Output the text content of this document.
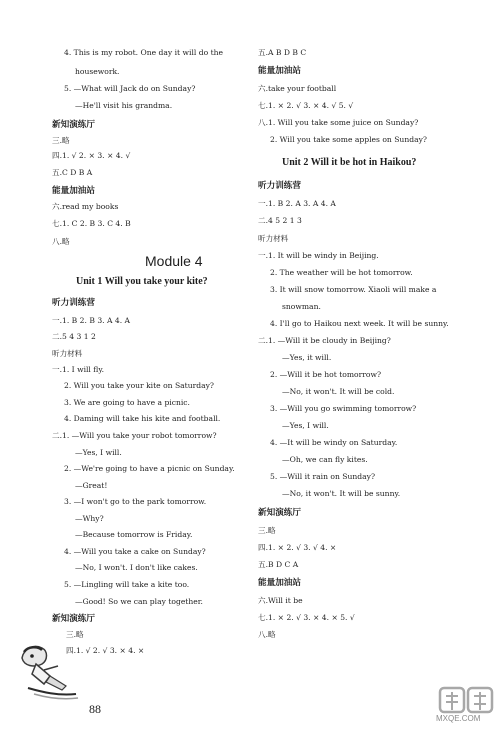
4. This is my robot. One day it will do the
housework.
5. —What will Jack do on Sunday?
—He'll visit his grandma.
新知演练厅
三.略
四.1. √ 2. × 3. × 4. √
五.C D B A
能量加油站
六.read my books
七.1. C 2. B 3. C 4. B
八.略
Module 4
Unit 1 Will you take your kite?
听力训练营
一.1. B 2. B 3. A 4. A
二.5 4 3 1 2
听力材料
一.1. I will fly.
2. Will you take your kite on Saturday?
3. We are going to have a picnic.
4. Daming will take his kite and football.
二.1. —Will you take your robot tomorrow?
—Yes, I will.
2. —We're going to have a picnic on Sunday.
—Great!
3. —I won't go to the park tomorrow.
—Why?
—Because tomorrow is Friday.
4. —Will you take a cake on Sunday?
—No, I won't. I don't like cakes.
5. —Lingling will take a kite too.
—Good! So we can play together.
新知演练厅
三.略
四.1. √ 2. √ 3. × 4. ×
五.A B D B C
能量加油站
六.take your football
七.1. × 2. √ 3. × 4. √ 5. √
八.1. Will you take some juice on Sunday?
2. Will you take some apples on Sunday?
Unit 2 Will it be hot in Haikou?
听力训练营
一.1. B 2. A 3. A 4. A
二.4 5 2 1 3
听力材料
一.1. It will be windy in Beijing.
2. The weather will be hot tomorrow.
3. It will snow tomorrow. Xiaoli will make a
snowman.
4. I'll go to Haikou next week. It will be sunny.
二.1. —Will it be cloudy in Beijing?
—Yes, it will.
2. —Will it be hot tomorrow?
—No, it won't. It will be cold.
3. —Will you go swimming tomorrow?
—Yes, I will.
4. —It will be windy on Saturday.
—Oh, we can fly kites.
5. —Will it rain on Sunday?
—No, it won't. It will be sunny.
新知演练厅
三.略
四.1. × 2. √ 3. √ 4. ×
五.B D C A
能量加油站
六.Will it be
七.1. × 2. √ 3. × 4. × 5. √
八.略
88
MXQE.COM
